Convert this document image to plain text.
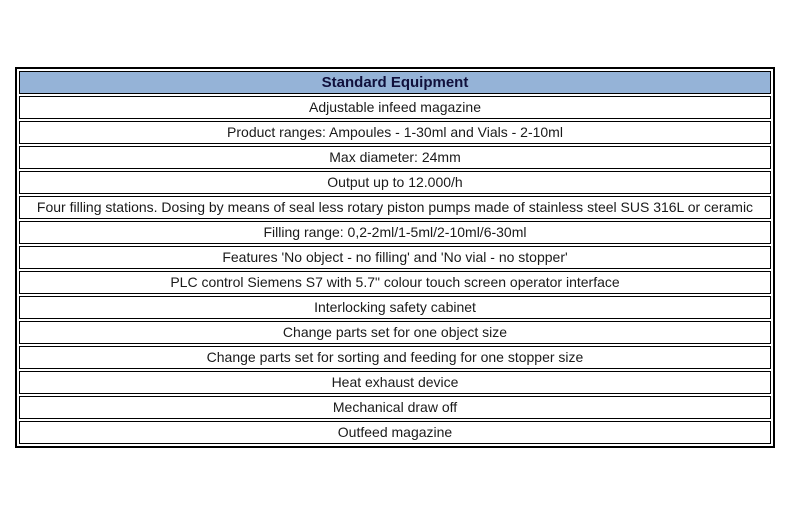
Standard Equipment
Adjustable infeed magazine
Product ranges: Ampoules - 1-30ml and Vials - 2-10ml
Max diameter: 24mm
Output up to 12.000/h
Four filling stations. Dosing by means of seal less rotary piston pumps made of stainless steel SUS 316L or ceramic
Filling range: 0,2-2ml/1-5ml/2-10ml/6-30ml
Features 'No object - no filling' and 'No vial - no stopper'
PLC control Siemens S7 with 5.7" colour touch screen operator interface
Interlocking safety cabinet
Change parts set for one object size
Change parts set for sorting and feeding for one stopper size
Heat exhaust device
Mechanical draw off
Outfeed magazine
